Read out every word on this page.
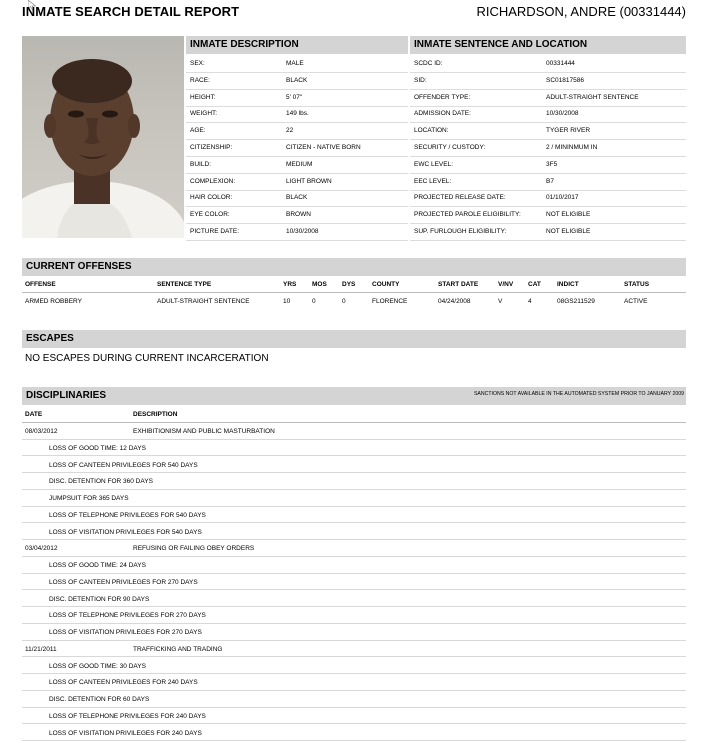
INMATE SEARCH DETAIL REPORT	RICHARDSON, ANDRE (00331444)
INMATE DESCRIPTION
SEX:	MALE
RACE:	BLACK
HEIGHT:	5' 07"
WEIGHT:	149 lbs.
AGE:	22
CITIZENSHIP:	CITIZEN - NATIVE BORN
BUILD:	MEDIUM
COMPLEXION:	LIGHT BROWN
HAIR COLOR:	BLACK
EYE COLOR:	BROWN
PICTURE DATE:	10/30/2008
INMATE SENTENCE AND LOCATION
SCDC ID:	00331444
SID:	SC01817586
OFFENDER TYPE:	ADULT-STRAIGHT SENTENCE
ADMISSION DATE:	10/30/2008
LOCATION:	TYGER RIVER
SECURITY / CUSTODY:	2 / MININMUM IN
EWC LEVEL:	3F5
EEC LEVEL:	B7
PROJECTED RELEASE DATE:	01/10/2017
PROJECTED PAROLE ELIGIBILITY:	NOT ELIGIBLE
SUP. FURLOUGH ELIGIBILITY:	NOT ELIGIBLE
CURRENT OFFENSES
OFFENSE	SENTENCE TYPE	YRS MOS DYS	COUNTY	START DATE	V/NV CAT INDICT	STATUS
ARMED ROBBERY	ADULT-STRAIGHT SENTENCE	10	0	0	FLORENCE	04/24/2008	V	4	08GS211529	ACTIVE
ESCAPES
NO ESCAPES DURING CURRENT INCARCERATION
DISCIPLINARIES	SANCTIONS NOT AVAILABLE IN THE AUTOMATED SYSTEM PRIOR TO JANUARY 2009
DATE	DESCRIPTION
08/03/2012	EXHIBITIONISM AND PUBLIC MASTURBATION
LOSS OF GOOD TIME: 12 DAYS
LOSS OF CANTEEN PRIVILEGES FOR 540 DAYS
DISC. DETENTION FOR 360 DAYS
JUMPSUIT FOR 365 DAYS
LOSS OF TELEPHONE PRIVILEGES FOR 540 DAYS
LOSS OF VISITATION PRIVILEGES FOR 540 DAYS
03/04/2012	REFUSING OR FAILING OBEY ORDERS
LOSS OF GOOD TIME: 24 DAYS
LOSS OF CANTEEN PRIVILEGES FOR 270 DAYS
DISC. DETENTION FOR 90 DAYS
LOSS OF TELEPHONE PRIVILEGES FOR 270 DAYS
LOSS OF VISITATION PRIVILEGES FOR 270 DAYS
11/21/2011	TRAFFICKING AND TRADING
LOSS OF GOOD TIME: 30 DAYS
LOSS OF CANTEEN PRIVILEGES FOR 240 DAYS
DISC. DETENTION FOR 60 DAYS
LOSS OF TELEPHONE PRIVILEGES FOR 240 DAYS
LOSS OF VISITATION PRIVILEGES FOR 240 DAYS
